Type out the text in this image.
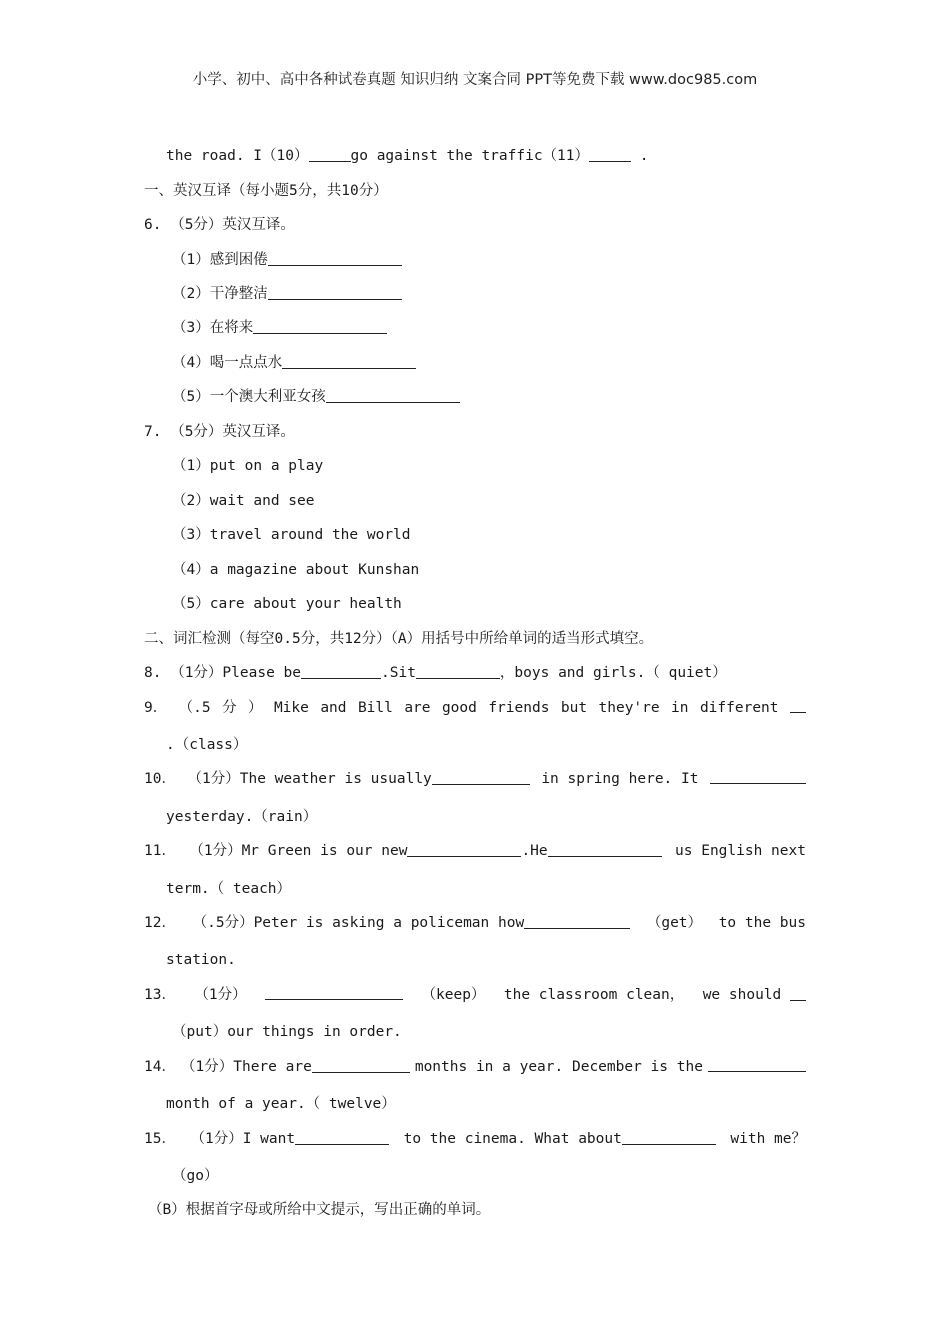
小学、初中、高中各种试卷真题 知识归纳 文案合同 PPT等免费下载 www.doc985.com
the road. I（10）	go against the traffic（11）	.
一、英汉互译（每小题5分，共10分）
6. （5分）英汉互译。
（1）感到困倦
（2）干净整洁
（3）在将来
（4）喝一点点水
（5）一个澳大利亚女孩
7. （5分）英汉互译。
（1）put on a play
（2）wait and see
（3）travel around the world
（4）a magazine about Kunshan
（5）care about your health
二、词汇检测（每空0.5分，共12分）（A）用括号中所给单词的适当形式填空。
8. （1分）Please be	.Sit	，boys and girls.（ quiet）
9． （.5 分 ） Mike and Bill are good friends but they're in different
.（class）
10． （1分）The weather is usually	in spring here. It
yesterday.（rain）
11． （1分）Mr Green is our new	.He	us English next
term.（ teach）
12． （.5分）Peter is asking a policeman how	（get） to the bus
station.
13． （1分）	（keep） the classroom clean， we should
（put）our things in order.
14． （1分）There are	months in a year. December is the
month of a year.（ twelve）
15． （1分）I want	to the cinema. What about	with me？
（go）
（B）根据首字母或所给中文提示，写出正确的单词。
